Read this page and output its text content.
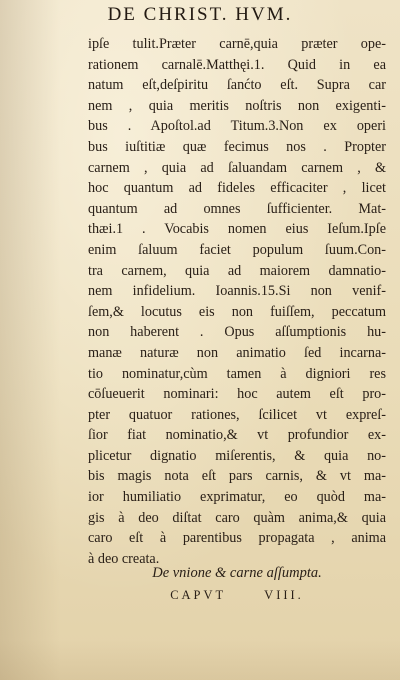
DE CHRIST. HVM.
ipſe tulit.Præter carnē,quia præter ope-
rationem carnalē.Matthęi.1. Quid in ea
natum eſt,deſpiritu ſanćto eſt. Supra car
nem , quia meritis noſtris non exigenti-
bus . Apoſtol.ad Titum.3.Non ex operi
bus iuſtitiæ quæ fecimus nos . Propter
carnem , quia ad ſaluandam carnem , &
hoc quantum ad fideles efficaciter , licet
quantum ad omnes ſufficienter. Mat-
thæi.1 . Vocabis nomen eius Ieſum.Ipſe
enim ſaluum faciet populum ſuum.Con-
tra carnem, quia ad maiorem damnatio-
nem infidelium. Ioannis.15.Si non venif-
ſem,& locutus eis non fuiſſem, peccatum
non haberent . Opus aſſumptionis hu-
manæ naturæ non animatio ſed incarna-
tio nominatur,cùm tamen à digniori res
cōſueuerit nominari: hoc autem eſt pro-
pter quatuor rationes, ſcilicet vt expreſ-
ſior fiat nominatio,& vt profundior ex-
plicetur dignatio miſerentis, & quia no-
bis magis nota eſt pars carnis, & vt ma-
ior humiliatio exprimatur, eo quòd ma-
gis à deo diſtat caro quàm anima,& quia
caro eſt à parentibus propagata , anima
à deo creata.
De vnione & carne aſſumpta.
CAPVT	VIII.
